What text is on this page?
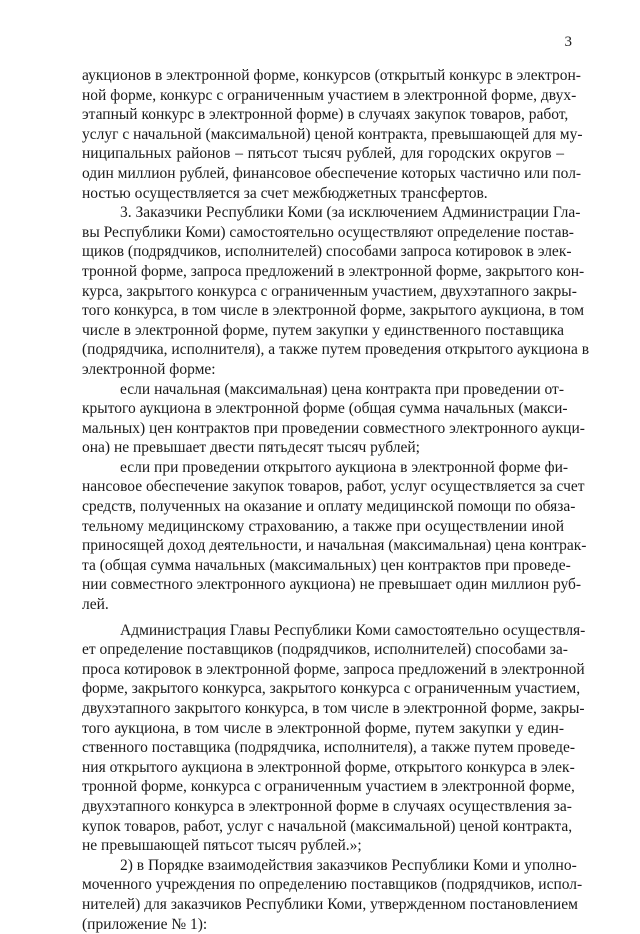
3
аукционов в электронной форме, конкурсов (открытый конкурс в электрон-
ной форме, конкурс с ограниченным участием в электронной форме, двух-
этапный конкурс в электронной форме) в случаях закупок товаров, работ,
услуг с начальной (максимальной) ценой контракта, превышающей для му-
ниципальных районов – пятьсот тысяч рублей, для городских округов –
один миллион рублей, финансовое обеспечение которых частично или пол-
ностью осуществляется за счет межбюджетных трансфертов.
3. Заказчики Республики Коми (за исключением Администрации Гла-
вы Республики Коми) самостоятельно осуществляют определение постав-
щиков (подрядчиков, исполнителей) способами запроса котировок в элек-
тронной форме, запроса предложений в электронной форме, закрытого кон-
курса, закрытого конкурса с ограниченным участием, двухэтапного закры-
того конкурса, в том числе в электронной форме, закрытого аукциона, в том
числе в электронной форме, путем закупки у единственного поставщика
(подрядчика, исполнителя), а также путем проведения открытого аукциона в
электронной форме:
если начальная (максимальная) цена контракта при проведении от-
крытого аукциона в электронной форме (общая сумма начальных (макси-
мальных) цен контрактов при проведении совместного электронного аукци-
она) не превышает двести пятьдесят тысяч рублей;
если при проведении открытого аукциона в электронной форме фи-
нансовое обеспечение закупок товаров, работ, услуг осуществляется за счет
средств, полученных на оказание и оплату медицинской помощи по обяза-
тельному медицинскому страхованию, а также при осуществлении иной
приносящей доход деятельности, и начальная (максимальная) цена контрак-
та (общая сумма начальных (максимальных) цен контрактов при проведе-
нии совместного электронного аукциона) не превышает один миллион руб-
лей.
Администрация Главы Республики Коми самостоятельно осуществля-
ет определение поставщиков (подрядчиков, исполнителей) способами за-
проса котировок в электронной форме, запроса предложений в электронной
форме, закрытого конкурса, закрытого конкурса с ограниченным участием,
двухэтапного закрытого конкурса, в том числе в электронной форме, закры-
того аукциона, в том числе в электронной форме, путем закупки у един-
ственного поставщика (подрядчика, исполнителя), а также путем проведе-
ния открытого аукциона в электронной форме, открытого конкурса в элек-
тронной форме, конкурса с ограниченным участием в электронной форме,
двухэтапного конкурса в электронной форме в случаях осуществления за-
купок товаров, работ, услуг с начальной (максимальной) ценой контракта,
не превышающей пятьсот тысяч рублей.»;
2) в Порядке взаимодействия заказчиков Республики Коми и уполно-
моченного учреждения по определению поставщиков (подрядчиков, испол-
нителей) для заказчиков Республики Коми, утвержденном постановлением
(приложение № 1):
